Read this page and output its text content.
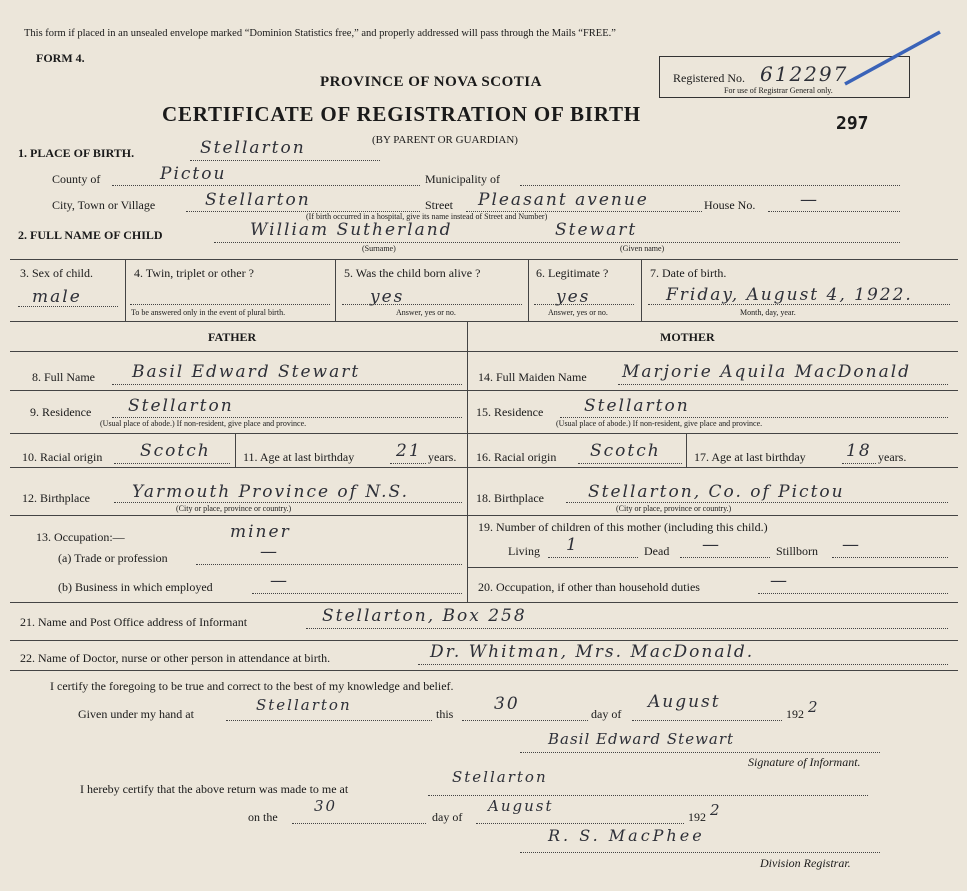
This form if placed in an unsealed envelope marked “Dominion Statistics free,” and properly addressed will pass through the Mails “FREE.”
FORM 4.
PROVINCE OF NOVA SCOTIA
CERTIFICATE OF REGISTRATION OF BIRTH
(BY PARENT OR GUARDIAN)
Registered No. 612297
For use of Registrar General only.
297
1. PLACE OF BIRTH.	Stellarton
County of	Pictou	Municipality of
City, Town or Village	Stellarton	Street Pleasant avenue	House No.	—
(If birth occurred in a hospital, give its name instead of Street and Number)
2. FULL NAME OF CHILD	William Sutherland	Stewart
(Surname)	(Given name)
3. Sex of child.
male
4. Twin, triplet or other ?
To be answered only in the event of plural birth.
5. Was the child born alive ?
yes
Answer, yes or no.
6. Legitimate ?
yes
Answer, yes or no.
7. Date of birth.
Friday, August 4, 1922.
Month, day, year.
FATHER	MOTHER
8. Full Name Basil Edward Stewart
9. Residence Stellarton
(Usual place of abode.) If non-resident, give place and province.
10. Racial origin Scotch	11. Age at last birthday 21 years.
12. Birthplace Yarmouth Province of N.S.
(City or place, province or country.)
13. Occupation:—	miner
(a) Trade or profession	—
(b) Business in which employed	—
14. Full Maiden Name Marjorie Aquila MacDonald
15. Residence Stellarton
(Usual place of abode.) If non-resident, give place and province.
16. Racial origin Scotch	17. Age at last birthday 18 years.
18. Birthplace	Stellarton, Co. of Pictou
(City or place, province or country.)
19. Number of children of this mother (including this child.)
Living 1	Dead —	Stillborn —
20. Occupation, if other than household duties	—
21. Name and Post Office address of Informant	Stellarton, Box 258
22. Name of Doctor, nurse or other person in attendance at birth.	Dr. Whitman, Mrs. MacDonald.
I certify the foregoing to be true and correct to the best of my knowledge and belief.
Given under my hand at	Stellarton	this 30	day of
August
192 2
Basil Edward Stewart
Signature of Informant.
I hereby certify that the above return was made to me at
Stellarton
on the
30
day of
August
192 2
R. S. MacPhee
Division Registrar.
